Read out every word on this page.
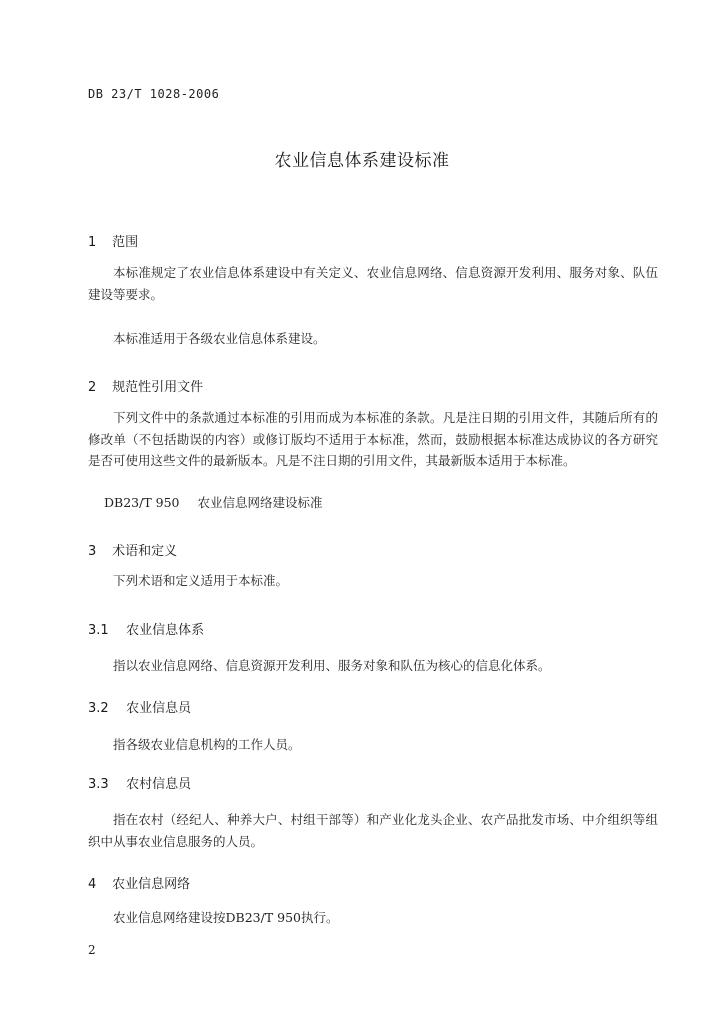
DB 23/T 1028-2006
农业信息体系建设标准
1 范围
本标准规定了农业信息体系建设中有关定义、农业信息网络、信息资源开发利用、服务对象、队伍建设等要求。
本标准适用于各级农业信息体系建设。
2 规范性引用文件
下列文件中的条款通过本标准的引用而成为本标准的条款。凡是注日期的引用文件，其随后所有的修改单（不包括勘误的内容）或修订版均不适用于本标准，然而，鼓励根据本标准达成协议的各方研究是否可使用这些文件的最新版本。凡是不注日期的引用文件，其最新版本适用于本标准。
DB23/T 950 农业信息网络建设标准
3 术语和定义
下列术语和定义适用于本标准。
3.1 农业信息体系
指以农业信息网络、信息资源开发利用、服务对象和队伍为核心的信息化体系。
3.2 农业信息员
指各级农业信息机构的工作人员。
3.3 农村信息员
指在农村（经纪人、种养大户、村组干部等）和产业化龙头企业、农产品批发市场、中介组织等组织中从事农业信息服务的人员。
4 农业信息网络
农业信息网络建设按DB23/T 950执行。
2
